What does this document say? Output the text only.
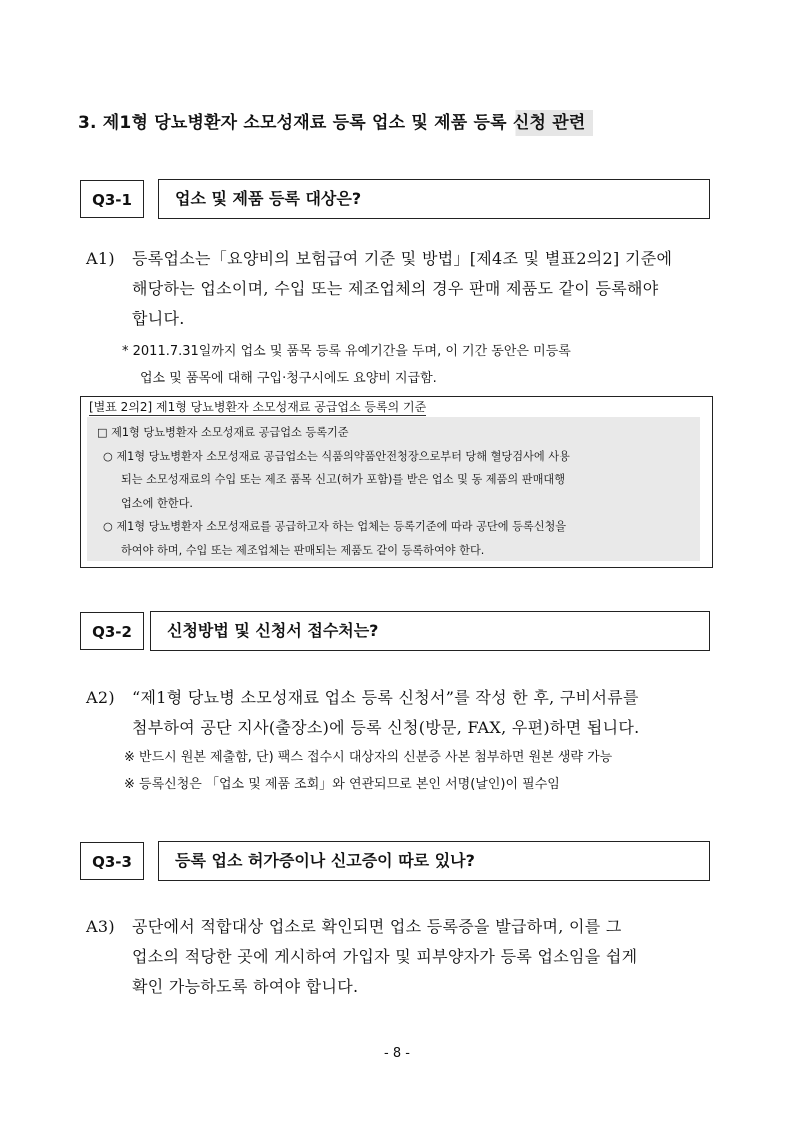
3. 제1형 당뇨병환자 소모성재료 등록 업소 및 제품 등록 신청 관련
Q3-1	업소 및 제품 등록 대상은?
A1) 등록업소는「요양비의 보험급여 기준 및 방법」[제4조 및 별표2의2] 기준에
해당하는 업소이며, 수입 또는 제조업체의 경우 판매 제품도 같이 등록해야
합니다.
* 2011.7.31일까지 업소 및 품목 등록 유예기간을 두며, 이 기간 동안은 미등록
업소 및 품목에 대해 구입·청구시에도 요양비 지급함.
[별표 2의2] 제1형 당뇨병환자 소모성재료 공급업소 등록의 기준
□ 제1형 당뇨병환자 소모성재료 공급업소 등록기준
○ 제1형 당뇨병환자 소모성재료 공급업소는 식품의약품안전청장으로부터 당해 혈당검사에 사용
되는 소모성재료의 수입 또는 제조 품목 신고(허가 포함)를 받은 업소 및 동 제품의 판매대행
업소에 한한다.
○ 제1형 당뇨병환자 소모성재료를 공급하고자 하는 업체는 등록기준에 따라 공단에 등록신청을
하여야 하며, 수입 또는 제조업체는 판매되는 제품도 같이 등록하여야 한다.
Q3-2	신청방법 및 신청서 접수처는?
A2) “제1형 당뇨병 소모성재료 업소 등록 신청서”를 작성 한 후, 구비서류를
첨부하여 공단 지사(출장소)에 등록 신청(방문, FAX, 우편)하면 됩니다.
※ 반드시 원본 제출함, 단) 팩스 접수시 대상자의 신분증 사본 첨부하면 원본 생략 가능
※ 등록신청은 「업소 및 제품 조회」와 연관되므로 본인 서명(날인)이 필수임
Q3-3	등록 업소 허가증이나 신고증이 따로 있나?
A3) 공단에서 적합대상 업소로 확인되면 업소 등록증을 발급하며, 이를 그
업소의 적당한 곳에 게시하여 가입자 및 피부양자가 등록 업소임을 쉽게
확인 가능하도록 하여야 합니다.
- 8 -
